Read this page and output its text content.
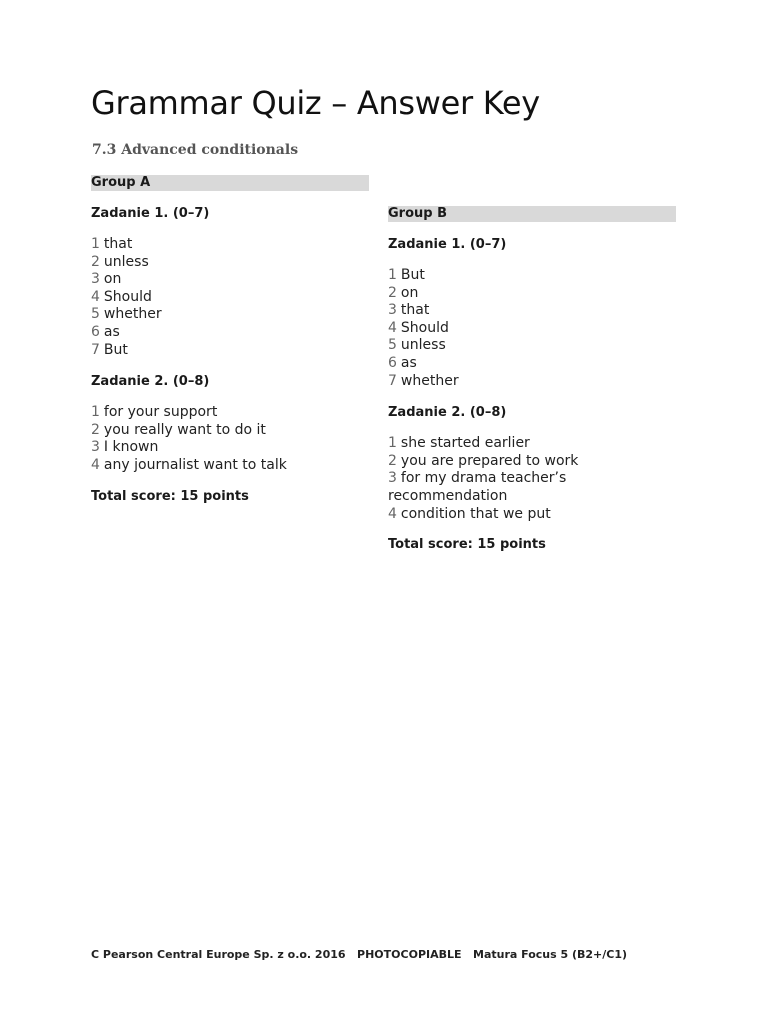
Grammar Quiz – Answer Key
7.3 Advanced conditionals
Group A
Zadanie 1. (0–7)
1 that
2 unless
3 on
4 Should
5 whether
6 as
7 But
Zadanie 2. (0–8)
1 for your support
2 you really want to do it
3 I known
4 any journalist want to talk
Total score: 15 points
Group B
Zadanie 1. (0–7)
1 But
2 on
3 that
4 Should
5 unless
6 as
7 whether
Zadanie 2. (0–8)
1 she started earlier
2 you are prepared to work
3 for my drama teacher’s recommendation
4 condition that we put
Total score: 15 points
C Pearson Central Europe Sp. z o.o. 2016   PHOTOCOPIABLE   Matura Focus 5 (B2+/C1)
